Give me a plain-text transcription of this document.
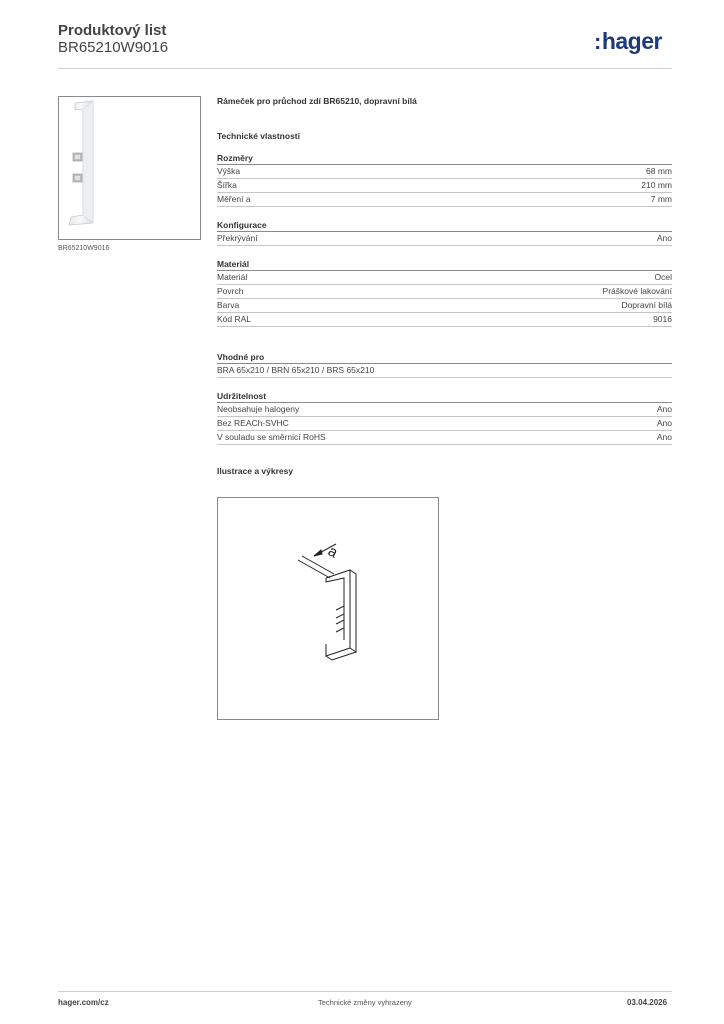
Produktový list
BR65210W9016	:hager
BR65210W9016
Rámeček pro průchod zdí BR65210, dopravní bílá
Technické vlastnosti
Rozměry
Výška	68 mm
Šířka	210 mm
Měření a	7 mm
Konfigurace
Překrývání	Ano
Materiál
Materiál	Ocel
Povrch	Práškové lakování
Barva	Dopravní bílá
Kód RAL	9016
Vhodné pro
BRA 65x210 / BRN 65x210 / BRS 65x210
Udržitelnost
Neobsahuje halogeny	Ano
Bez REACh-SVHC	Ano
V souladu se směrnicí RoHS	Ano
Ilustrace a výkresy
a
hager.com/cz	Technické změny vyhrazeny	03.04.2026
